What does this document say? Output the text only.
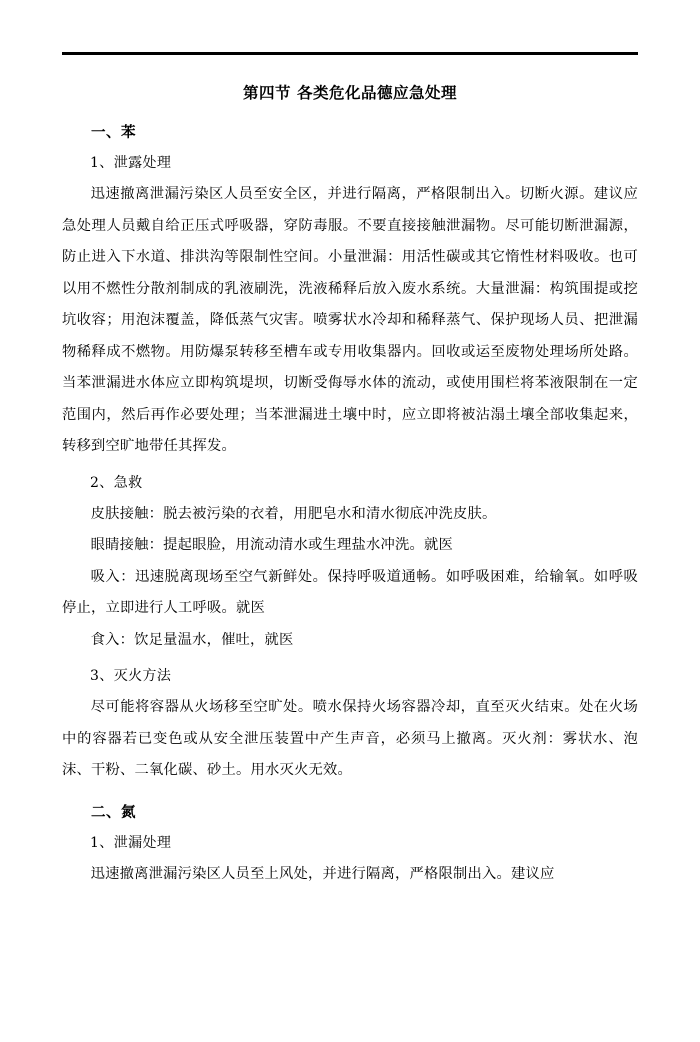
第四节 各类危化品德应急处理
一、苯
1、泄露处理

迅速撤离泄漏污染区人员至安全区，并进行隔离，严格限制出入。切断火源。建议应急处理人员戴自给正压式呼吸器，穿防毒服。不要直接接触泄漏物。尽可能切断泄漏源，防止进入下水道、排洪沟等限制性空间。小量泄漏：用活性碳或其它惰性材料吸收。也可以用不燃性分散剂制成的乳液刷洗，洗液稀释后放入废水系统。大量泄漏：构筑围提或挖坑收容；用泡沫覆盖，降低蒸气灾害。喷雾状水冷却和稀释蒸气、保护现场人员、把泄漏物稀释成不燃物。用防爆泵转移至槽车或专用收集器内。回收或运至废物处理场所处路。当苯泄漏进水体应立即构筑堤坝，切断受侮辱水体的流动，或使用围栏将苯液限制在一定范围内，然后再作必要处理；当苯泄漏进土壤中时，应立即将被沾溻土壤全部收集起来，转移到空旷地带任其挥发。

2、急救

皮肤接触：脱去被污染的衣着，用肥皂水和清水彻底冲洗皮肤。

眼睛接触：提起眼脸，用流动清水或生理盐水冲洗。就医

吸入：迅速脱离现场至空气新鲜处。保持呼吸道通畅。如呼吸困难，给输氧。如呼吸停止，立即进行人工呼吸。就医

食入：饮足量温水，催吐，就医

3、灭火方法

尽可能将容器从火场移至空旷处。喷水保持火场容器冷却，直至灭火结束。处在火场中的容器若已变色或从安全泄压装置中产生声音，必须马上撤离。灭火剂：雾状水、泡沫、干粉、二氧化碳、砂土。用水灭火无效。

二、氮
1、泄漏处理

迅速撤离泄漏污染区人员至上风处，并进行隔离，严格限制出入。建议应
